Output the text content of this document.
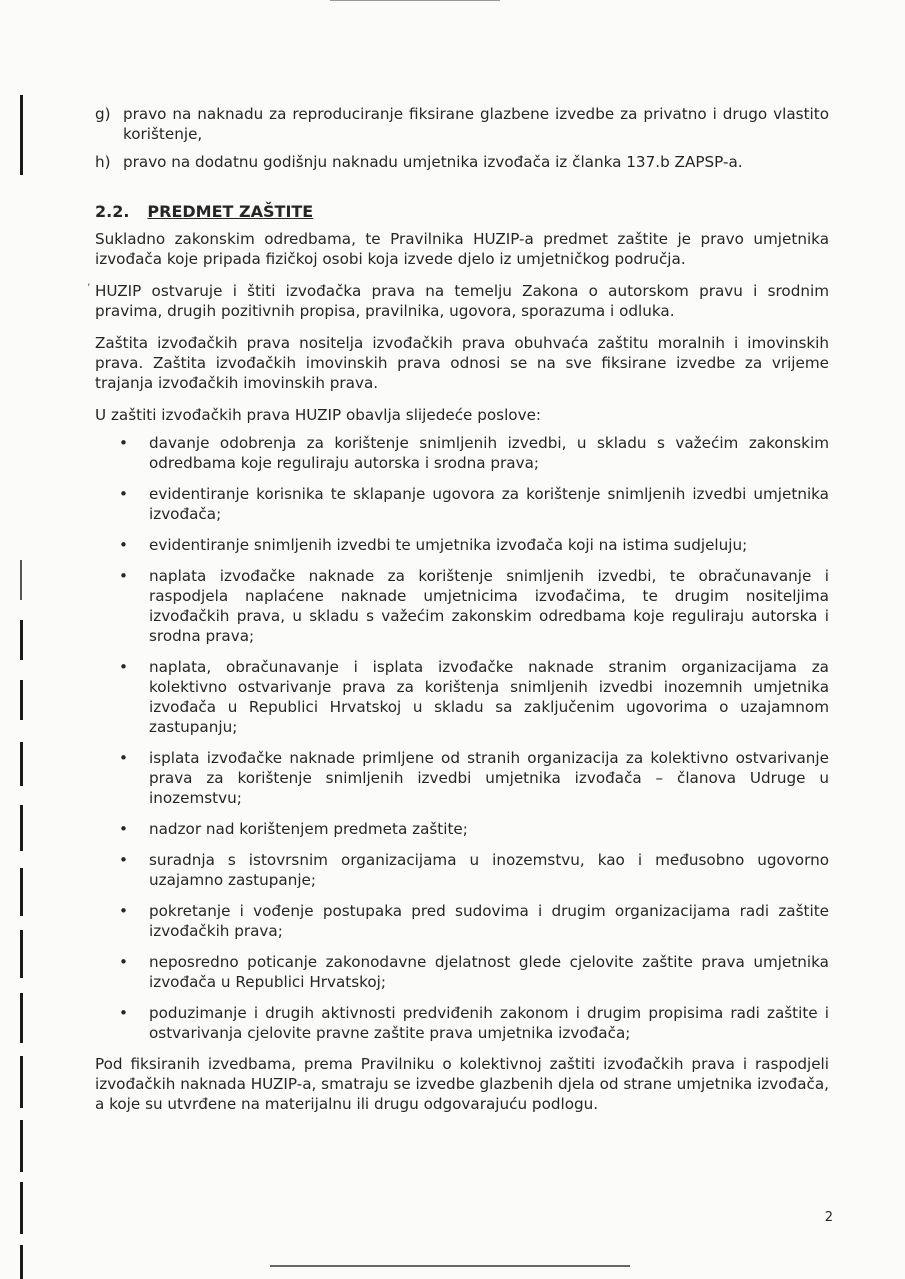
,
g) pravo na naknadu za reproduciranje fiksirane glazbene izvedbe za privatno i drugo vlastito korištenje,
h) pravo na dodatnu godišnju naknadu umjetnika izvođača iz članka 137.b ZAPSP-a.
2.2. PREDMET ZAŠTITE

Sukladno zakonskim odredbama, te Pravilnika HUZIP-a predmet zaštite je pravo umjetnika izvođača koje pripada fizičkoj osobi koja izvede djelo iz umjetničkog područja.

HUZIP ostvaruje i štiti izvođačka prava na temelju Zakona o autorskom pravu i srodnim pravima, drugih pozitivnih propisa, pravilnika, ugovora, sporazuma i odluka.

Zaštita izvođačkih prava nositelja izvođačkih prava obuhvaća zaštitu moralnih i imovinskih prava. Zaštita izvođačkih imovinskih prava odnosi se na sve fiksirane izvedbe za vrijeme trajanja izvođačkih imovinskih prava.

U zaštiti izvođačkih prava HUZIP obavlja slijedeće poslove:

•	davanje odobrenja za korištenje snimljenih izvedbi, u skladu s važećim zakonskim odredbama koje reguliraju autorska i srodna prava;
•	evidentiranje korisnika te sklapanje ugovora za korištenje snimljenih izvedbi umjetnika izvođača;
•	evidentiranje snimljenih izvedbi te umjetnika izvođača koji na istima sudjeluju;
•	naplata izvođačke naknade za korištenje snimljenih izvedbi, te obračunavanje i raspodjela naplaćene naknade umjetnicima izvođačima, te drugim nositeljima izvođačkih prava, u skladu s važećim zakonskim odredbama koje reguliraju autorska i srodna prava;
•	naplata, obračunavanje i isplata izvođačke naknade stranim organizacijama za kolektivno ostvarivanje prava za korištenja snimljenih izvedbi inozemnih umjetnika izvođača u Republici Hrvatskoj u skladu sa zaključenim ugovorima o uzajamnom zastupanju;
•	isplata izvođačke naknade primljene od stranih organizacija za kolektivno ostvarivanje prava za korištenje snimljenih izvedbi umjetnika izvođača – članova Udruge u inozemstvu;
•	nadzor nad korištenjem predmeta zaštite;
•	suradnja s istovrsnim organizacijama u inozemstvu, kao i međusobno ugovorno uzajamno zastupanje;
•	pokretanje i vođenje postupaka pred sudovima i drugim organizacijama radi zaštite izvođačkih prava;
•	neposredno poticanje zakonodavne djelatnost glede cjelovite zaštite prava umjetnika izvođača u Republici Hrvatskoj;
•	poduzimanje i drugih aktivnosti predviđenih zakonom i drugim propisima radi zaštite i ostvarivanja cjelovite pravne zaštite prava umjetnika izvođača;

Pod fiksiranih izvedbama, prema Pravilniku o kolektivnoj zaštiti izvođačkih prava i raspodjeli izvođačkih naknada HUZIP-a, smatraju se izvedbe glazbenih djela od strane umjetnika izvođača, a koje su utvrđene na materijalnu ili drugu odgovarajuću podlogu.

2
